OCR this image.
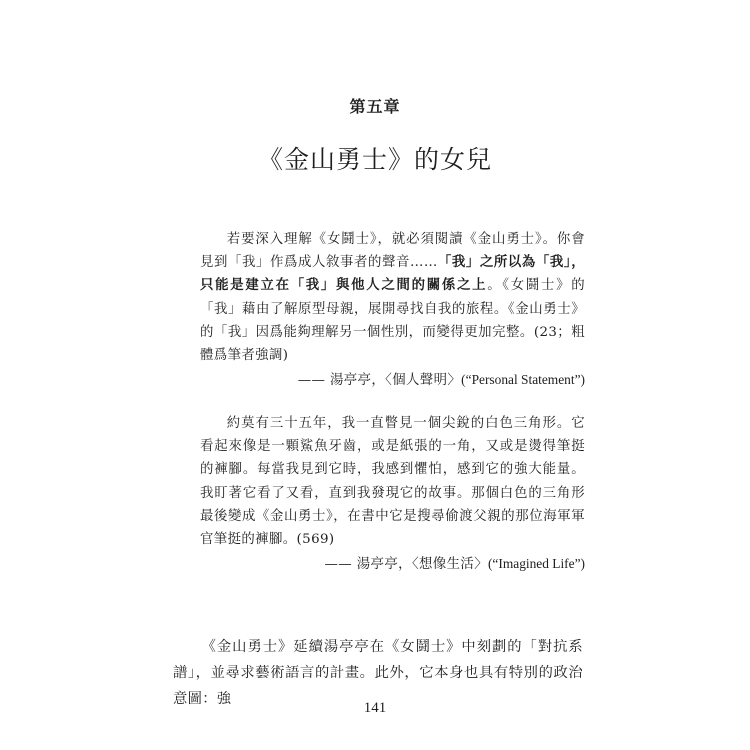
第五章
《金山勇士》的女兒

若要深入理解《女鬪士》，就必須閱讀《金山勇士》。你會見到「我」作爲成人敘事者的聲音……「我」之所以為「我」，只能是建立在「我」與他人之間的關係之上。《女鬪士》的「我」藉由了解原型母親，展開尋找自我的旅程。《金山勇士》的「我」因爲能夠理解另一個性別，而變得更加完整。(23；粗體爲筆者強調)

—— 湯亭亭，〈個人聲明〉(“Personal Statement”)

約莫有三十五年，我一直瞥見一個尖銳的白色三角形。它看起來像是一顆鯊魚牙齒，或是紙張的一角，又或是燙得筆挺的褲腳。每當我見到它時，我感到懼怕，感到它的強大能量。我盯著它看了又看，直到我發現它的故事。那個白色的三角形最後變成《金山勇士》，在書中它是搜尋偷渡父親的那位海軍軍官筆挺的褲腳。(569)

—— 湯亭亭，〈想像生活〉(“Imagined Life”)

《金山勇士》延續湯亭亭在《女鬪士》中刻劃的「對抗系譜」，並尋求藝術語言的計畫。此外，它本身也具有特別的政治意圖：強

141
